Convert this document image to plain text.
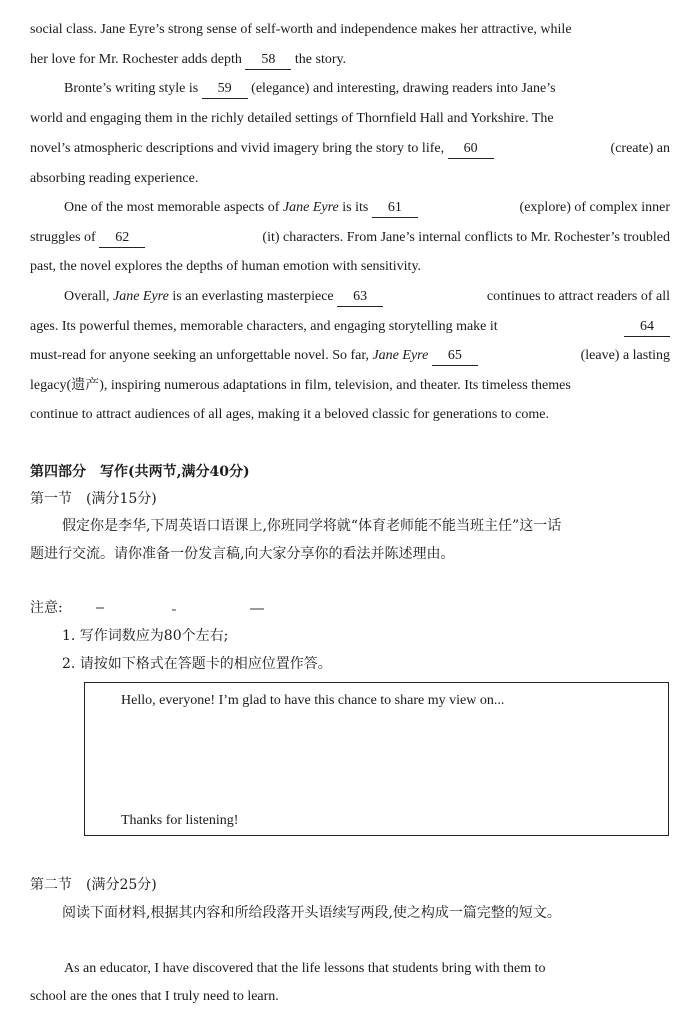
social class. Jane Eyre’s strong sense of self-worth and independence makes her attractive, while
her love for Mr. Rochester adds depth 58 the story.
Bronte’s writing style is 59 (elegance) and interesting, drawing readers into Jane’s
world and engaging them in the richly detailed settings of Thornfield Hall and Yorkshire. The
novel’s atmospheric descriptions and vivid imagery bring the story to life, 60	(create) an
absorbing reading experience.
One of the most memorable aspects of Jane Eyre is its 61	(explore) of complex inner
struggles of 62	(it) characters. From Jane’s internal conflicts to Mr. Rochester’s troubled
past, the novel explores the depths of human emotion with sensitivity.
Overall, Jane Eyre is an everlasting masterpiece 63	continues to attract readers of all
ages. Its powerful themes, memorable characters, and engaging storytelling make it	64
must-read for anyone seeking an unforgettable novel. So far, Jane Eyre 65	(leave) a lasting
legacy(遗产), inspiring numerous adaptations in film, television, and theater. Its timeless themes
continue to attract audiences of all ages, making it a beloved classic for generations to come.
第四部分　写作(共两节,满分40分)
第一节　(满分15分)
假定你是李华,下周英语口语课上,你班同学将就“体育老师能不能当班主任”这一话
题进行交流。请你准备一份发言稿,向大家分享你的看法并陈述理由。
注意:
1. 写作词数应为80个左右;
2. 请按如下格式在答题卡的相应位置作答。
Hello, everyone! I’m glad to have this chance to share my view on...
Thanks for listening!
第二节　(满分25分)
阅读下面材料,根据其内容和所给段落开头语续写两段,使之构成一篇完整的短文。
As an educator, I have discovered that the life lessons that students bring with them to
school are the ones that I truly need to learn.
